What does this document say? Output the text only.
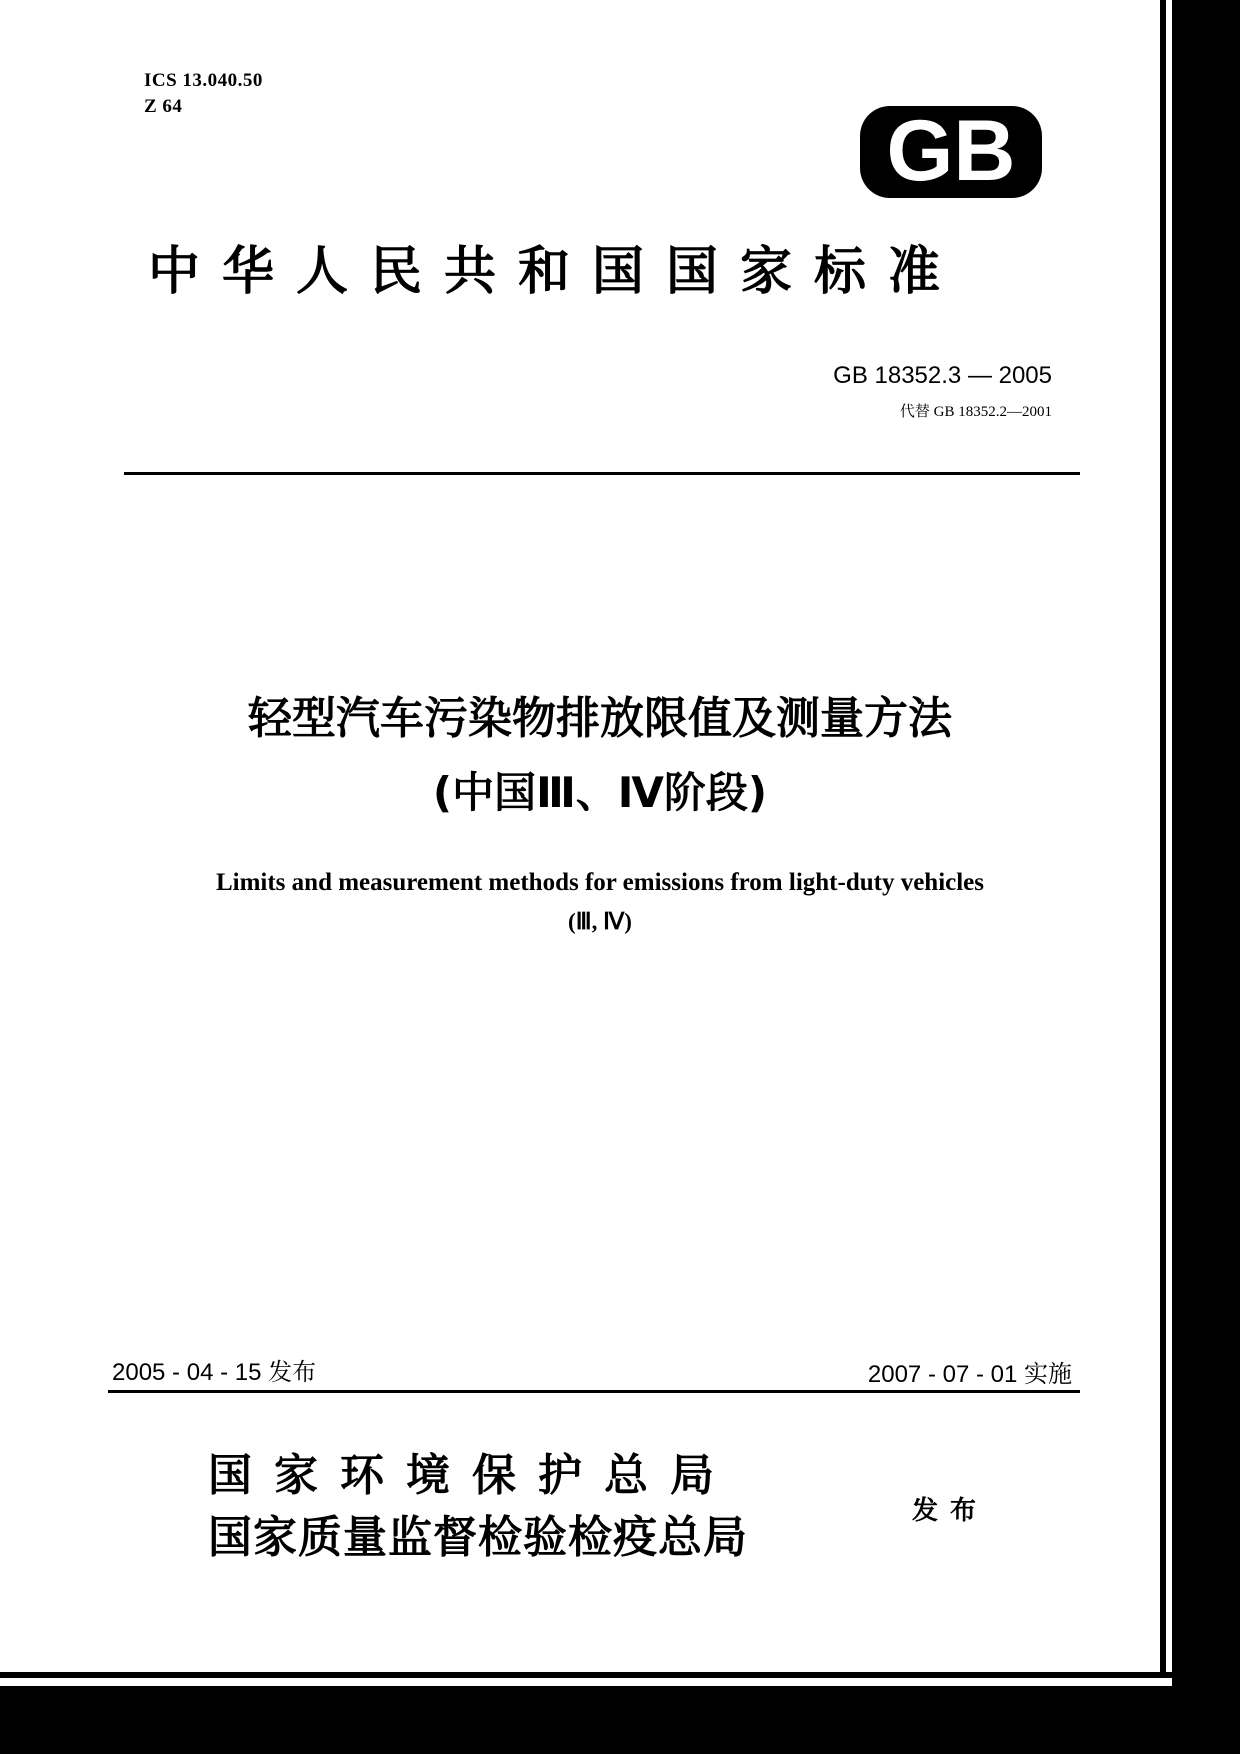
ICS 13.040.50
Z 64	GB
中华人民共和国国家标准
GB 18352.3 — 2005
代替 GB 18352.2—2001
轻型汽车污染物排放限值及测量方法
(中国Ⅲ、Ⅳ阶段)
Limits and measurement methods for emissions from light-duty vehicles
(Ⅲ, Ⅳ)
2005 - 04 - 15 发布	2007 - 07 - 01 实施
国家环境保护总局
国家质量监督检验检疫总局
发布
